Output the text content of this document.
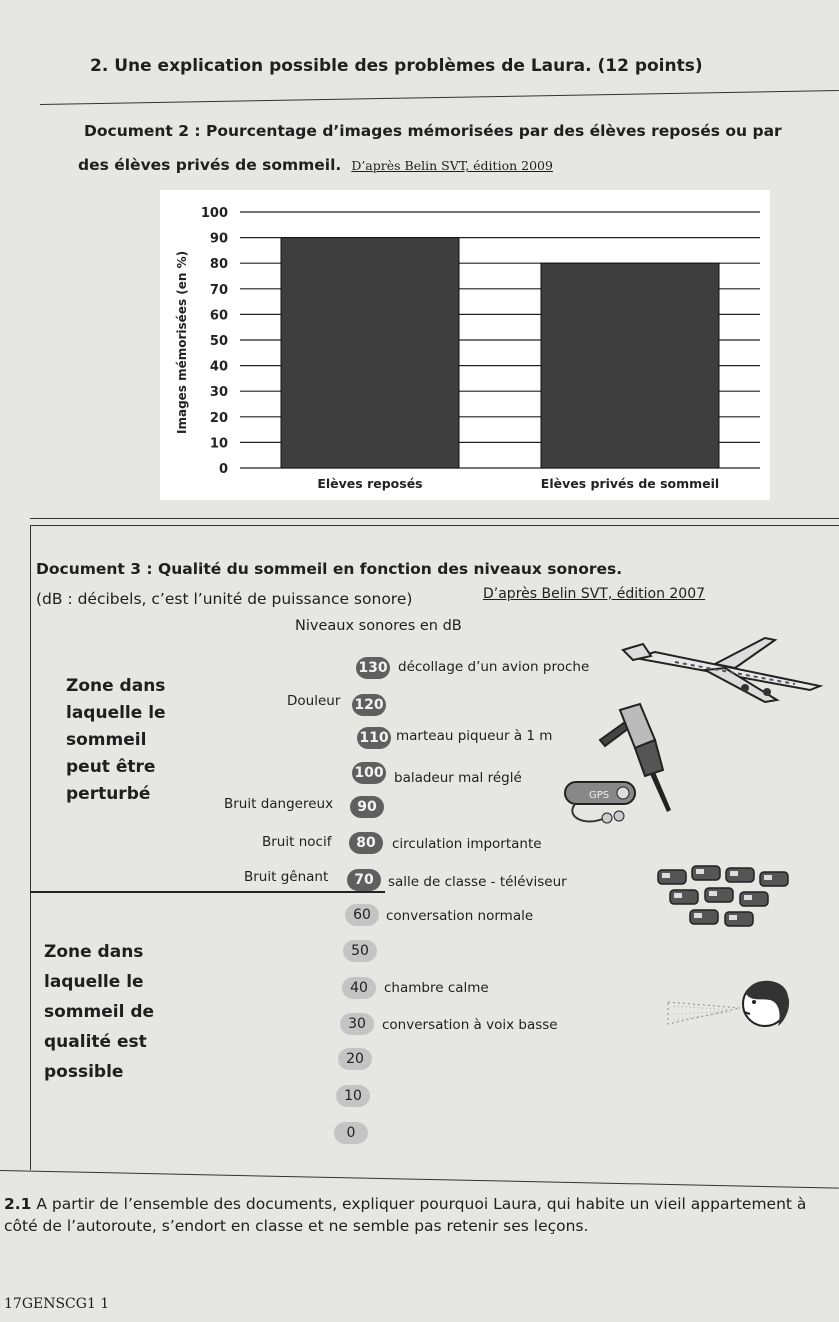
2. Une explication possible des problèmes de Laura. (12 points)
Document 2 : Pourcentage d’images mémorisées par des élèves reposés ou par
des élèves privés de sommeil. D’après Belin SVT, édition 2009
0
10
20
30
40
50
60
70
80
90
100
Elèves reposés	Elèves privés de sommeil
Images mémorisées (en %)
Document 3 : Qualité du sommeil en fonction des niveaux sonores.
(dB : décibels, c’est l’unité de puissance sonore)	D’après Belin SVT, édition 2007
Niveaux sonores en dB
Zone dans
laquelle le
sommeil
peut être
perturbé
Zone dans
laquelle le
sommeil de
qualité est
possible
Douleur
Bruit dangereux
Bruit nocif
Bruit gênant
130
120
110
100
90
80
70
60
50
40
30
20
10
0
décollage d’un avion proche
marteau piqueur à 1 m
baladeur mal réglé
circulation importante
salle de classe - téléviseur
conversation normale
chambre calme
conversation à voix basse
GPS
2.1 A partir de l’ensemble des documents, expliquer pourquoi Laura, qui habite un vieil appartement à côté de l’autoroute, s’endort en classe et ne semble pas retenir ses leçons.
17GENSCG1 1
